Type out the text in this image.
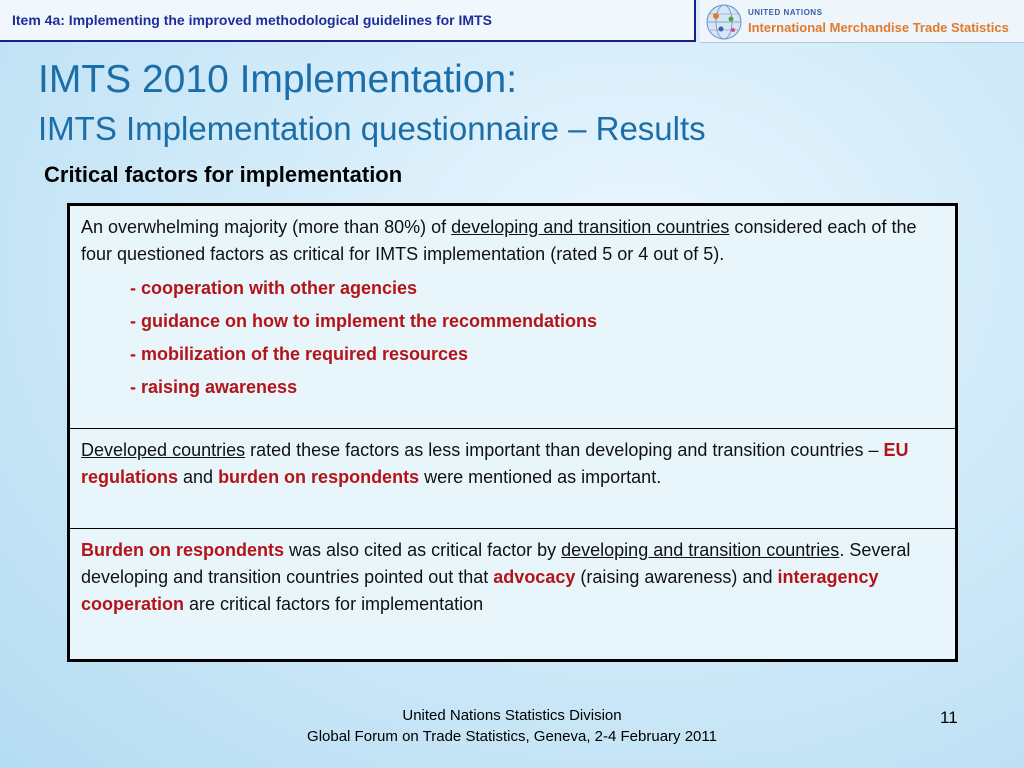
Item 4a: Implementing the improved methodological guidelines for IMTS	UNITED NATIONS
International Merchandise Trade Statistics
IMTS 2010 Implementation:
IMTS Implementation questionnaire – Results
Critical factors for implementation
An overwhelming majority (more than 80%) of developing and transition countries considered each of the four questioned factors as critical for IMTS implementation (rated 5 or 4 out of 5).
- cooperation with other agencies
- guidance on how to implement the recommendations
- mobilization of the required resources
- raising awareness
Developed countries rated these factors as less important than developing and transition countries – EU regulations and burden on respondents were mentioned as important.
Burden on respondents was also cited as critical factor by developing and transition countries. Several developing and transition countries pointed out that advocacy (raising awareness) and interagency cooperation are critical factors for implementation
United Nations Statistics Division
Global Forum on Trade Statistics, Geneva, 2-4 February 2011
11
